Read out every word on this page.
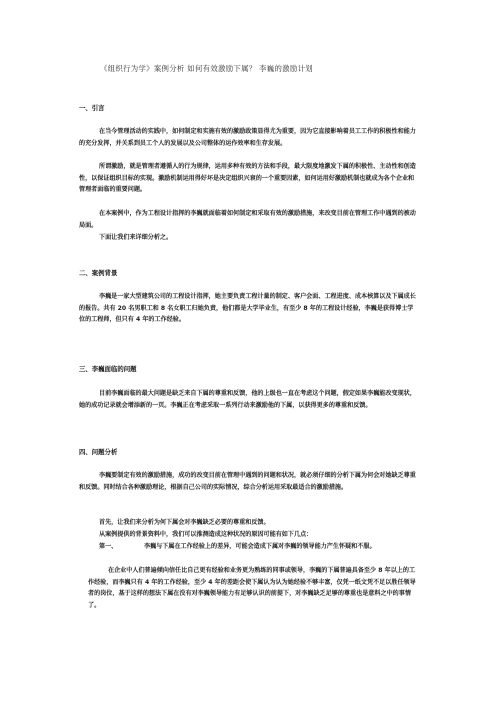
《组织行为学》案例分析 如何有效激励下属？ 李巍的激励计划
一、引言
在当今管理活动的实践中，如何制定和实施有效的激励政策显得尤为重要，因为它直接影响着员工工作的积极性和能力的充分发挥，并关系到员工个人的发展以及公司整体的运作效率和生存发展。
所谓激励，就是管理者遵循人的行为规律，运用多种有效的方法和手段，最大限度地激发下属的积极性、主动性和创造性，以保证组织目标的实现。激励机制运用得好坏是决定组织兴衰的一个重要因素，如何运用好激励机制也就成为各个企业和管理者面临的重要问题。
在本案例中，作为工程设计指挥的李巍就面临着如何制定和采取有效的激励措施，来改变目前在管理工作中遇到的被动局面。
下面让我们来详细分析之。
二、案例背景
李巍是一家大型建筑公司的工程设计指挥，她主要负责工程计量的制定、客户会面、工程进度、成本核算以及下属成长的报告。共有 20 名男职工和 8 名女职工归她负责，他们都是大学毕业生，有至少 8 年的工程设计经验，李巍是获得博士学位的工程师，但只有 4 年的工作经验。
三、李巍面临的问题
目前李巍面临的最大问题是缺乏来自下属的尊重和反馈，他的上级也一直在考虑这个问题，假定如果李巍能改变现状，她的成功记录就会增添新的一页。李巍正在考虑采取一系列行动来激励他的下属，以获得更多的尊重和反馈。
四、问题分析
李巍要制定有效的激励措施，成功的改变目前在管理中遇到的问题和状况，就必须仔细的分析下属为何会对她缺乏尊重和反馈。同时结合各种激励理论，根据自己公司的实际情况，综合分析运用采取最适合的激励措施。
首先，让我们来分析为何下属会对李巍缺乏必要的尊重和反馈。
从案例提供的背景资料中，我们可以推测造成这种状况的原因可能有如下几点：
第一、	李巍与下属在工作经验上的差异，可能会造成下属对李巍的领导能力产生怀疑和不服。
在企业中人们普遍倾向信任比自己更有经验和业务更为熟练的同事或领导，李巍的下属普遍具备至少 8 年以上的工作经验，而李巍只有 4 年的工作经验，至少 4 年的差距会使下属认为认为她经验不够丰富，仅凭一纸文凭不足以胜任领导者的岗位，基于这样的想法下属在没有对李巍领导能力有足够认识的前提下，对李巍缺乏足够的尊重也是意料之中的事情了。
